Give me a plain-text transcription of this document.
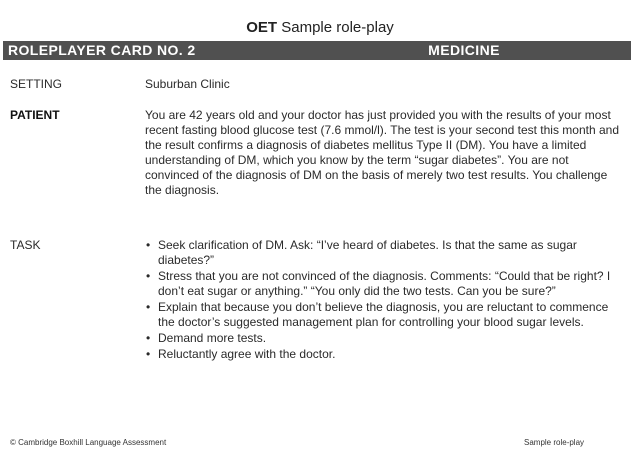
OET Sample role-play
ROLEPLAYER CARD NO. 2	MEDICINE
SETTING	Suburban Clinic
PATIENT	You are 42 years old and your doctor has just provided you with the results of your most recent fasting blood glucose test (7.6 mmol/l). The test is your second test this month and the result confirms a diagnosis of diabetes mellitus Type II (DM). You have a limited understanding of DM, which you know by the term “sugar diabetes”. You are not convinced of the diagnosis of DM on the basis of merely two test results. You challenge the diagnosis.
TASK	• Seek clarification of DM. Ask: “I’ve heard of diabetes. Is that the same as sugar diabetes?”
• Stress that you are not convinced of the diagnosis. Comments: “Could that be right? I don’t eat sugar or anything.” “You only did the two tests. Can you be sure?”
• Explain that because you don’t believe the diagnosis, you are reluctant to commence the doctor’s suggested management plan for controlling your blood sugar levels.
• Demand more tests.
• Reluctantly agree with the doctor.
© Cambridge Boxhill Language Assessment	Sample role-play
